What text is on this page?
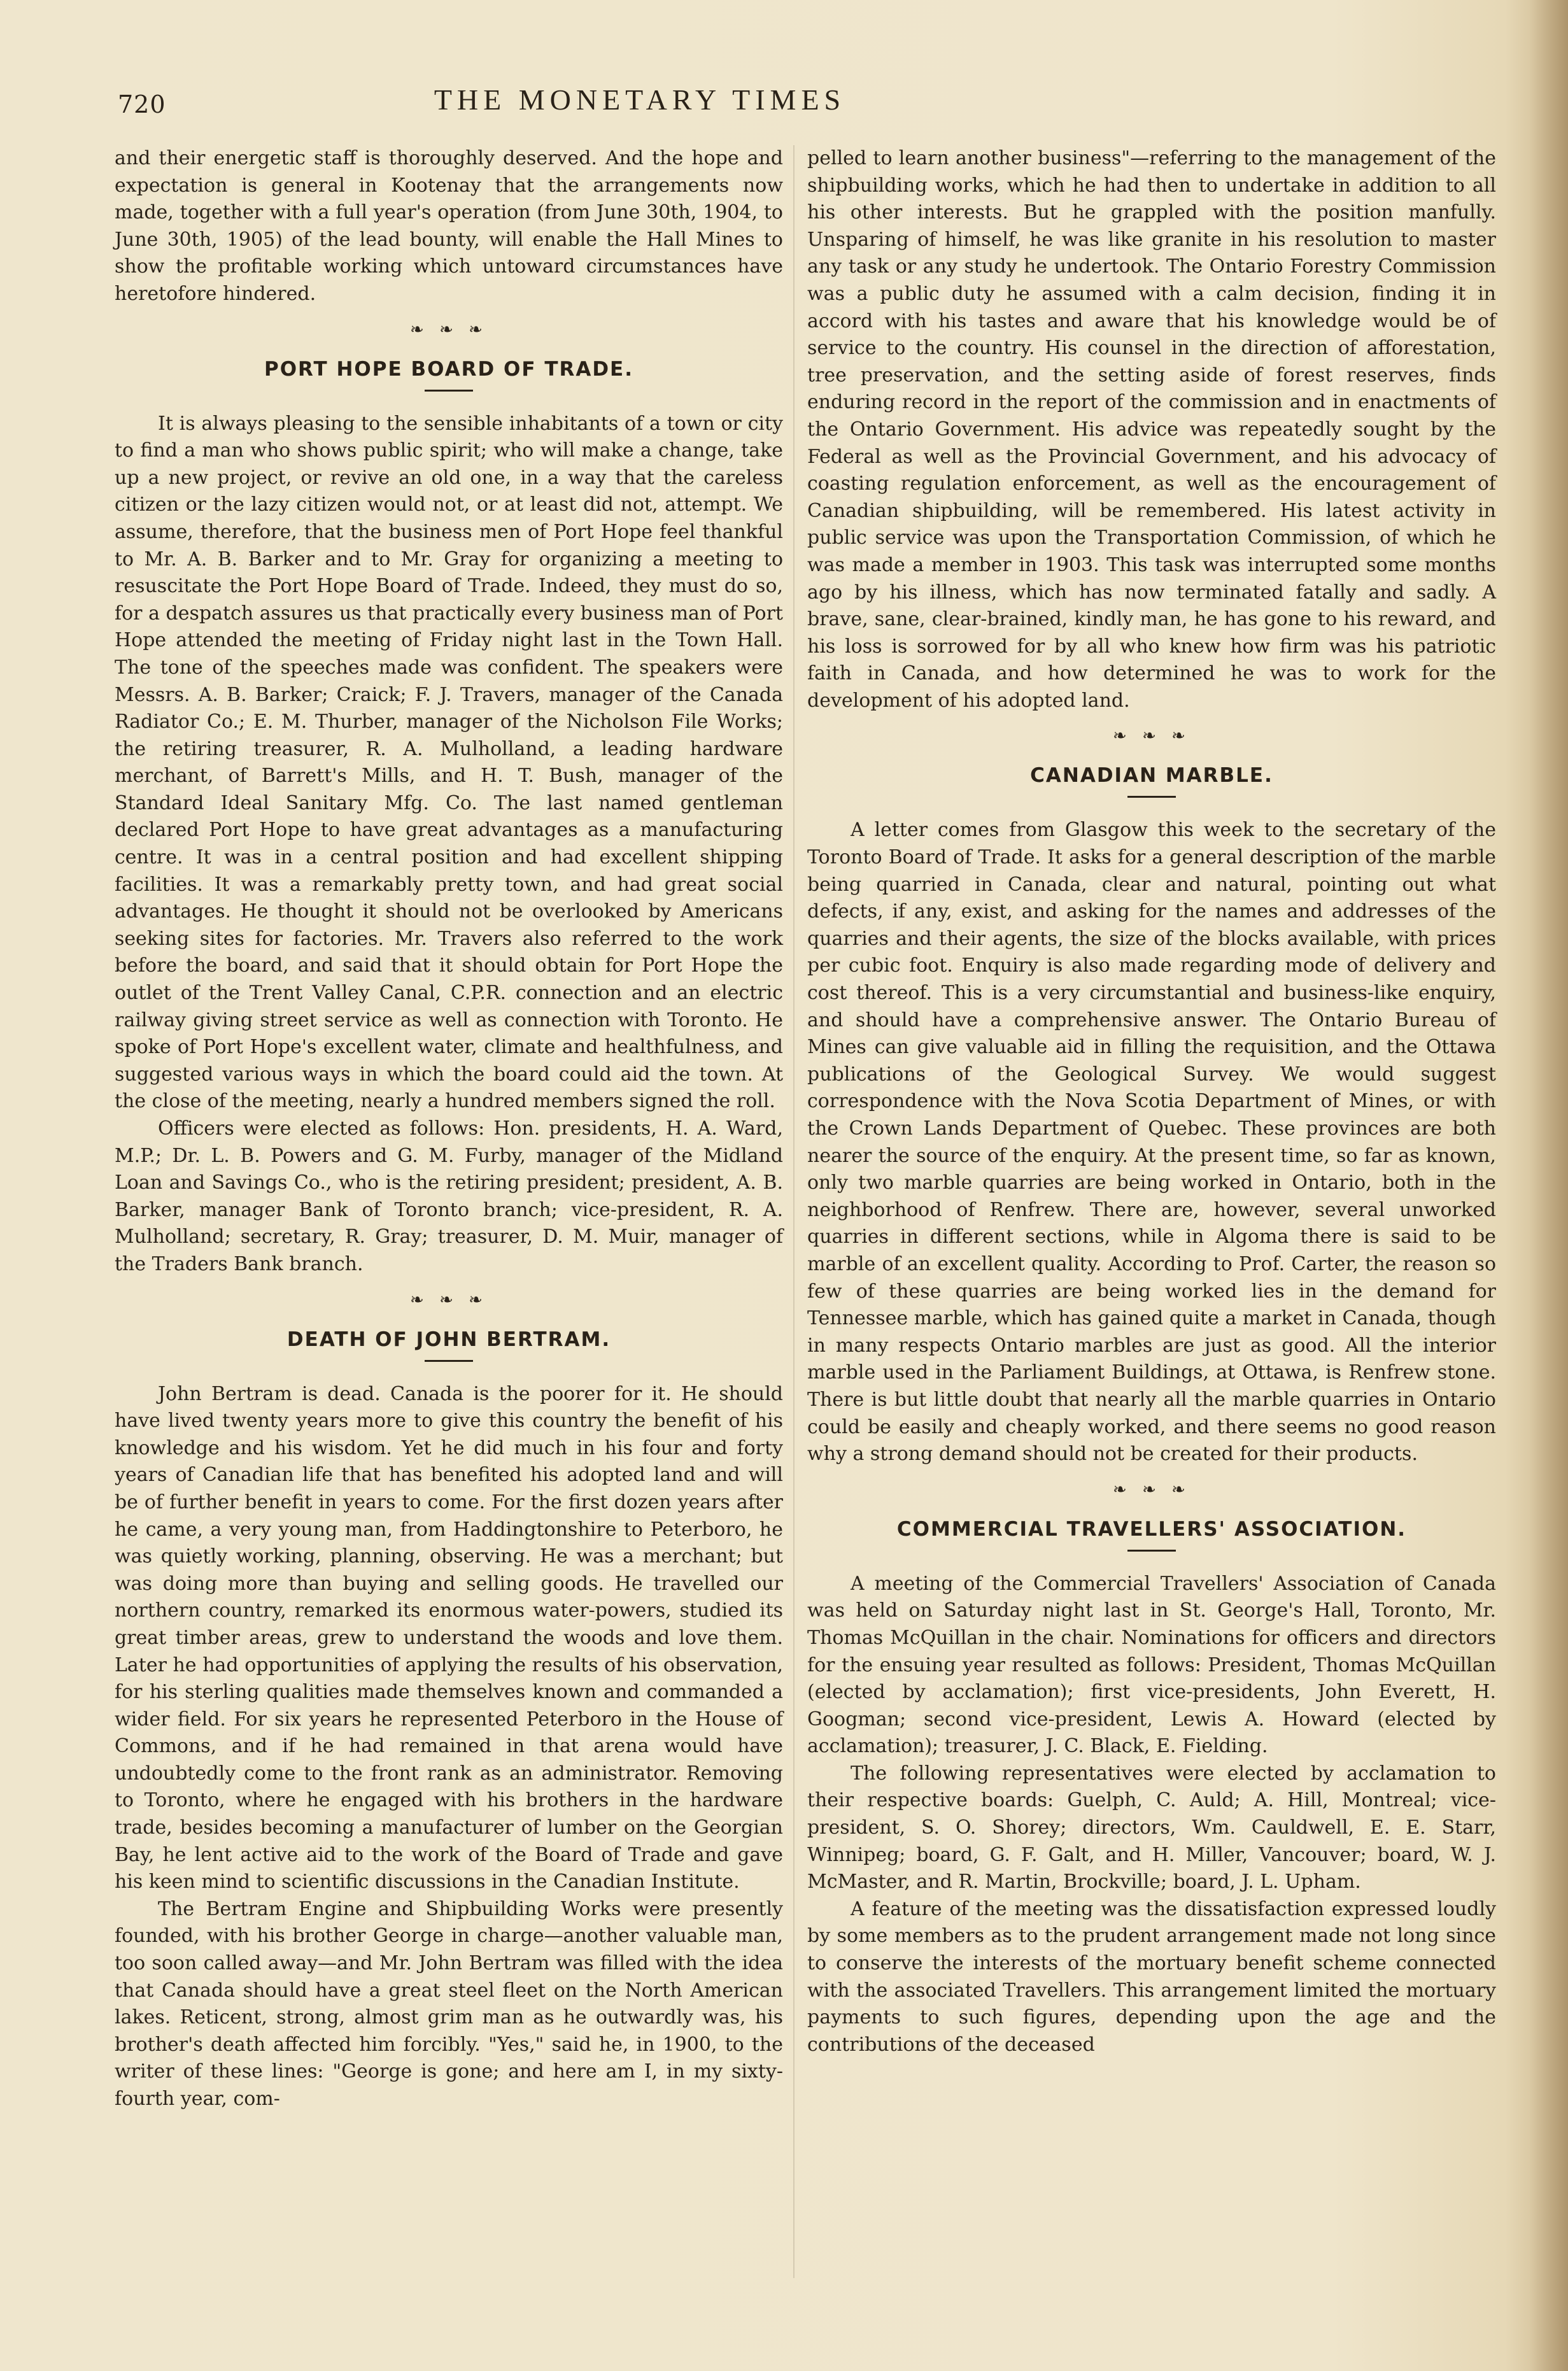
720	THE MONETARY TIMES

and their energetic staff is thoroughly deserved. And the hope and expectation is general in Kootenay that the arrangements now made, together with a full year's operation (from June 30th, 1904, to June 30th, 1905) of the lead bounty, will enable the Hall Mines to show the profitable working which untoward circumstances have heretofore hindered.

❧ ❧ ❧
PORT HOPE BOARD OF TRADE.

It is always pleasing to the sensible inhabitants of a town or city to find a man who shows public spirit; who will make a change, take up a new project, or revive an old one, in a way that the careless citizen or the lazy citizen would not, or at least did not, attempt. We assume, therefore, that the business men of Port Hope feel thankful to Mr. A. B. Barker and to Mr. Gray for organizing a meeting to resuscitate the Port Hope Board of Trade. Indeed, they must do so, for a despatch assures us that practically every business man of Port Hope attended the meeting of Friday night last in the Town Hall. The tone of the speeches made was confident. The speakers were Messrs. A. B. Barker; Craick; F. J. Travers, manager of the Canada Radiator Co.; E. M. Thurber, manager of the Nicholson File Works; the retiring treasurer, R. A. Mulholland, a leading hardware merchant, of Barrett's Mills, and H. T. Bush, manager of the Standard Ideal Sanitary Mfg. Co. The last named gentleman declared Port Hope to have great advantages as a manufacturing centre. It was in a central position and had excellent shipping facilities. It was a remarkably pretty town, and had great social advantages. He thought it should not be overlooked by Americans seeking sites for factories. Mr. Travers also referred to the work before the board, and said that it should obtain for Port Hope the outlet of the Trent Valley Canal, C.P.R. connection and an electric railway giving street service as well as connection with Toronto. He spoke of Port Hope's excellent water, climate and healthfulness, and suggested various ways in which the board could aid the town. At the close of the meeting, nearly a hundred members signed the roll.

Officers were elected as follows: Hon. presidents, H. A. Ward, M.P.; Dr. L. B. Powers and G. M. Furby, manager of the Midland Loan and Savings Co., who is the retiring president; president, A. B. Barker, manager Bank of Toronto branch; vice-president, R. A. Mulholland; secretary, R. Gray; treasurer, D. M. Muir, manager of the Traders Bank branch.

❧ ❧ ❧
DEATH OF JOHN BERTRAM.

John Bertram is dead. Canada is the poorer for it. He should have lived twenty years more to give this country the benefit of his knowledge and his wisdom. Yet he did much in his four and forty years of Canadian life that has benefited his adopted land and will be of further benefit in years to come. For the first dozen years after he came, a very young man, from Haddingtonshire to Peterboro, he was quietly working, planning, observing. He was a merchant; but was doing more than buying and selling goods. He travelled our northern country, remarked its enormous water-powers, studied its great timber areas, grew to understand the woods and love them. Later he had opportunities of applying the results of his observation, for his sterling qualities made themselves known and commanded a wider field. For six years he represented Peterboro in the House of Commons, and if he had remained in that arena would have undoubtedly come to the front rank as an administrator. Removing to Toronto, where he engaged with his brothers in the hardware trade, besides becoming a manufacturer of lumber on the Georgian Bay, he lent active aid to the work of the Board of Trade and gave his keen mind to scientific discussions in the Canadian Institute.

The Bertram Engine and Shipbuilding Works were presently founded, with his brother George in charge—another valuable man, too soon called away—and Mr. John Bertram was filled with the idea that Canada should have a great steel fleet on the North American lakes. Reticent, strong, almost grim man as he outwardly was, his brother's death affected him forcibly. "Yes," said he, in 1900, to the writer of these lines: "George is gone; and here am I, in my sixty-fourth year, com-

pelled to learn another business"—referring to the management of the shipbuilding works, which he had then to undertake in addition to all his other interests. But he grappled with the position manfully. Unsparing of himself, he was like granite in his resolution to master any task or any study he undertook. The Ontario Forestry Commission was a public duty he assumed with a calm decision, finding it in accord with his tastes and aware that his knowledge would be of service to the country. His counsel in the direction of afforestation, tree preservation, and the setting aside of forest reserves, finds enduring record in the report of the commission and in enactments of the Ontario Government. His advice was repeatedly sought by the Federal as well as the Provincial Government, and his advocacy of coasting regulation enforcement, as well as the encouragement of Canadian shipbuilding, will be remembered. His latest activity in public service was upon the Transportation Commission, of which he was made a member in 1903. This task was interrupted some months ago by his illness, which has now terminated fatally and sadly. A brave, sane, clear-brained, kindly man, he has gone to his reward, and his loss is sorrowed for by all who knew how firm was his patriotic faith in Canada, and how determined he was to work for the development of his adopted land.

❧ ❧ ❧
CANADIAN MARBLE.

A letter comes from Glasgow this week to the secretary of the Toronto Board of Trade. It asks for a general description of the marble being quarried in Canada, clear and natural, pointing out what defects, if any, exist, and asking for the names and addresses of the quarries and their agents, the size of the blocks available, with prices per cubic foot. Enquiry is also made regarding mode of delivery and cost thereof. This is a very circumstantial and business-like enquiry, and should have a comprehensive answer. The Ontario Bureau of Mines can give valuable aid in filling the requisition, and the Ottawa publications of the Geological Survey. We would suggest correspondence with the Nova Scotia Department of Mines, or with the Crown Lands Department of Quebec. These provinces are both nearer the source of the enquiry. At the present time, so far as known, only two marble quarries are being worked in Ontario, both in the neighborhood of Renfrew. There are, however, several unworked quarries in different sections, while in Algoma there is said to be marble of an excellent quality. According to Prof. Carter, the reason so few of these quarries are being worked lies in the demand for Tennessee marble, which has gained quite a market in Canada, though in many respects Ontario marbles are just as good. All the interior marble used in the Parliament Buildings, at Ottawa, is Renfrew stone. There is but little doubt that nearly all the marble quarries in Ontario could be easily and cheaply worked, and there seems no good reason why a strong demand should not be created for their products.

❧ ❧ ❧
COMMERCIAL TRAVELLERS' ASSOCIATION.

A meeting of the Commercial Travellers' Association of Canada was held on Saturday night last in St. George's Hall, Toronto, Mr. Thomas McQuillan in the chair. Nominations for officers and directors for the ensuing year resulted as follows: President, Thomas McQuillan (elected by acclamation); first vice-presidents, John Everett, H. Googman; second vice-president, Lewis A. Howard (elected by acclamation); treasurer, J. C. Black, E. Fielding.

The following representatives were elected by acclamation to their respective boards: Guelph, C. Auld; A. Hill, Montreal; vice-president, S. O. Shorey; directors, Wm. Cauldwell, E. E. Starr, Winnipeg; board, G. F. Galt, and H. Miller, Vancouver; board, W. J. McMaster, and R. Martin, Brockville; board, J. L. Upham.

A feature of the meeting was the dissatisfaction expressed loudly by some members as to the prudent arrangement made not long since to conserve the interests of the mortuary benefit scheme connected with the associated Travellers. This arrangement limited the mortuary payments to such figures, depending upon the age and the contributions of the deceased
